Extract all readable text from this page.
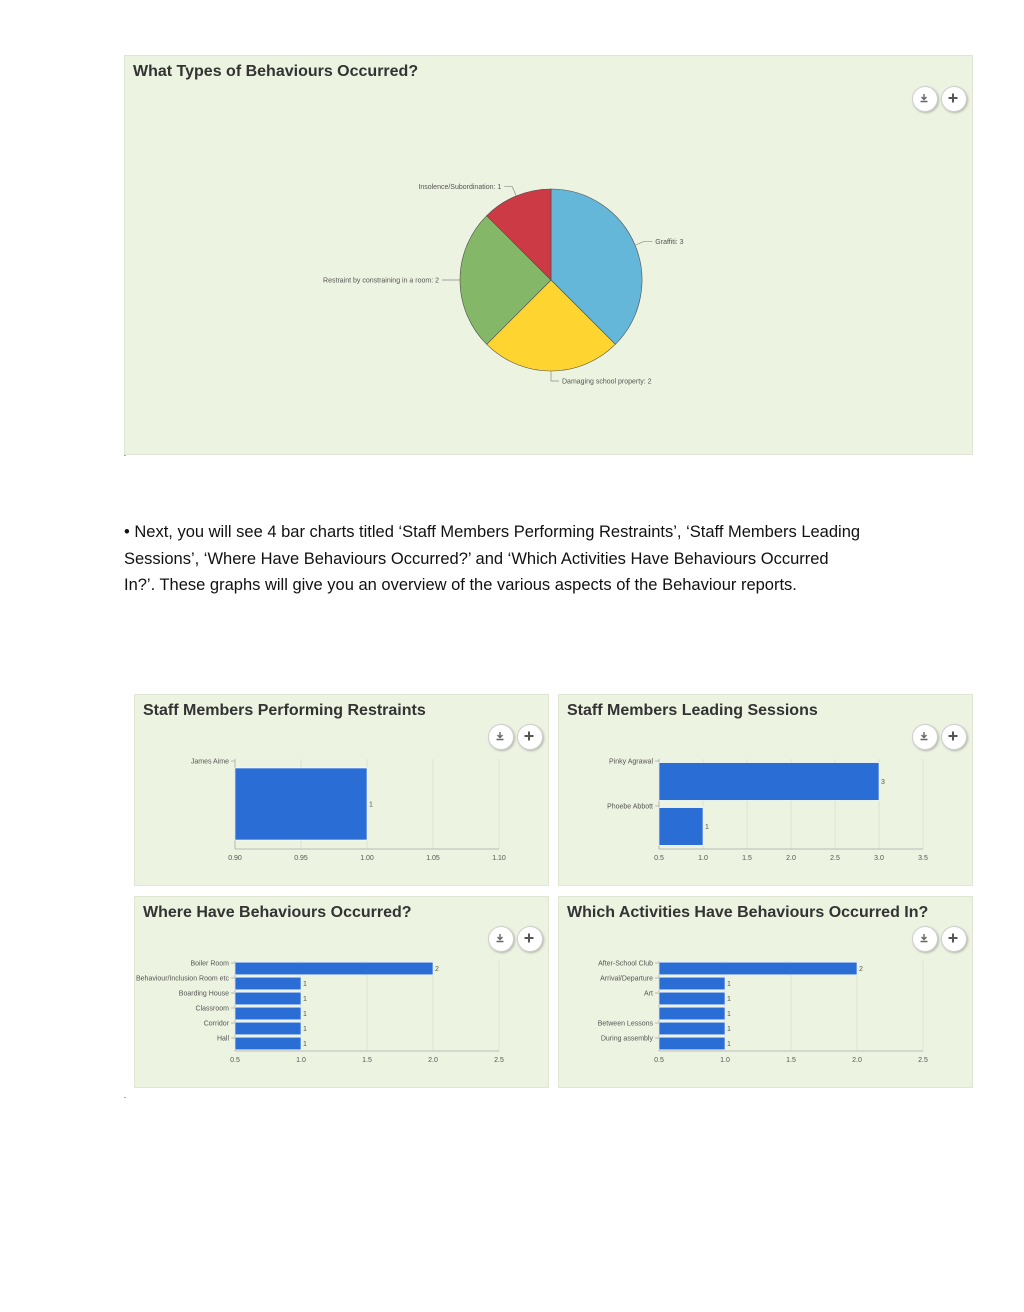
What Types of Behaviours Occurred?
Graffiti: 3
Damaging school property: 2
Restraint by constraining in a room: 2
Insolence/Subordination: 1
• Next, you will see 4 bar charts titled ‘Staff Members Performing Restraints’, ‘Staff Members Leading Sessions’, ‘Where Have Behaviours Occurred?’ and ‘Which Activities Have Behaviours Occurred In?’. These graphs will give you an overview of the various aspects of the Behaviour reports.
Staff Members Performing Restraints
0.90	0.95	1.00	1.05	1.10
1
James Aime
Staff Members Leading Sessions
0.5	1.0	1.5	2.0	2.5	3.0	3.5
3
Pinky Agrawal
1
Phoebe Abbott
Where Have Behaviours Occurred?
0.5	1.0	1.5	2.0	2.5
2
Boiler Room
1
Behaviour/Inclusion Room etc
1
Boarding House
1
Classroom
1
Corridor
1
Hall
Which Activities Have Behaviours Occurred In?
0.5	1.0	1.5	2.0	2.5
2
After-School Club
1
Arrival/Departure
1
Art
1
1
Between Lessons
1
During assembly
